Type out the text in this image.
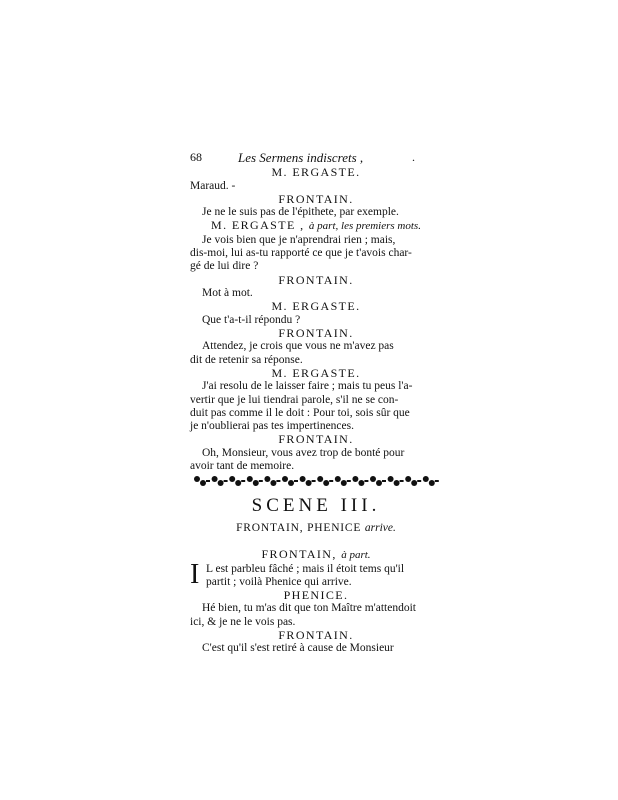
68	Les Sermens indiscrets ,	.
M. ERGASTE.
Maraud. -
FRONTAIN.
Je ne le suis pas de l'épithete, par exemple.
M. ERGASTE , à part, les premiers mots.
Je vois bien que je n'aprendrai rien ; mais,
dis-moi, lui as-tu rapporté ce que je t'avois char-
gé de lui dire ?
FRONTAIN.
Mot à mot.
M. ERGASTE.
Que t'a-t-il répondu ?
FRONTAIN.
Attendez, je crois que vous ne m'avez pas
dit de retenir sa réponse.
M. ERGASTE.
J'ai resolu de le laisser faire ; mais tu peus l'a-
vertir que je lui tiendrai parole, s'il ne se con-
duit pas comme il le doit : Pour toi, sois sûr que
je n'oublierai pas tes impertinences.
FRONTAIN.
Oh, Monsieur, vous avez trop de bonté pour
avoir tant de memoire.
SCENE III.
FRONTAIN, PHENICE arrive.
FRONTAIN, à part.
I L est parbleu fâché ; mais il étoit tems qu'il
partit ; voilà Phenice qui arrive.
PHENICE.
Hé bien, tu m'as dit que ton Maître m'attendoit
ici, & je ne le vois pas.
FRONTAIN.
C'est qu'il s'est retiré à cause de Monsieur
